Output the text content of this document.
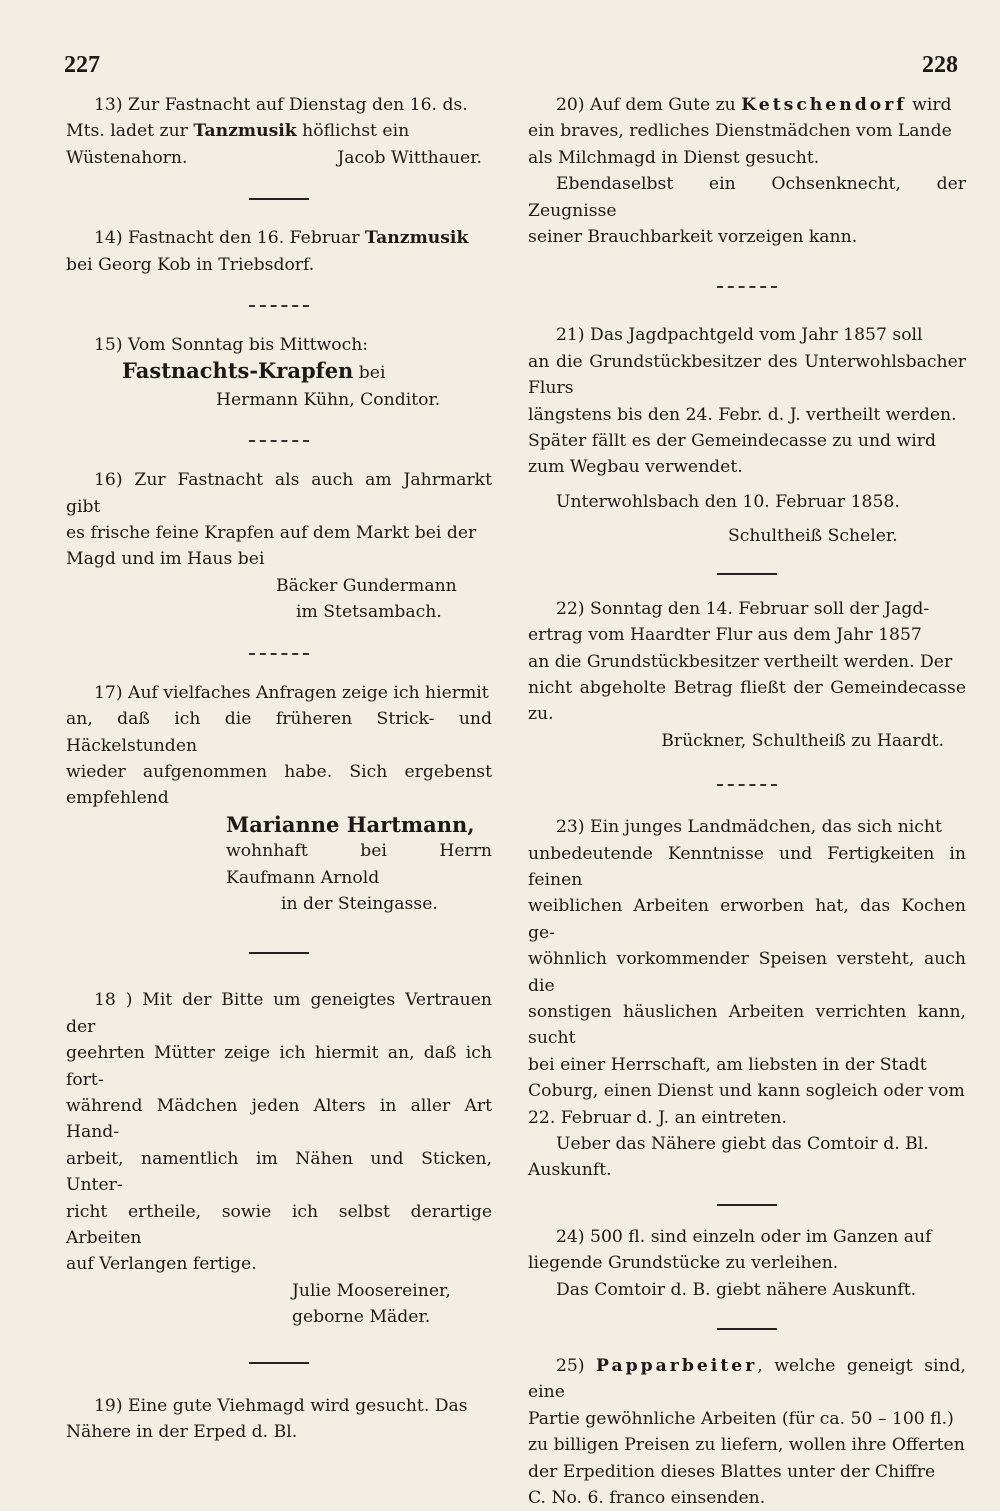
227	228

13) Zur Fastnacht auf Dienstag den 16. ds.

Mts. ladet zur Tanzmusik höflichst ein

Wüstenahorn.	Jacob Witthauer.

14) Fastnacht den 16. Februar Tanzmusik

bei Georg Kob in Triebsdorf.

15) Vom Sonntag bis Mittwoch:

Fastnachts-Krapfen bei

Hermann Kühn, Conditor.

16) Zur Fastnacht als auch am Jahrmarkt gibt

es frische feine Krapfen auf dem Markt bei der

Magd und im Haus bei

Bäcker Gundermann

im Stetsambach.

17) Auf vielfaches Anfragen zeige ich hiermit

an, daß ich die früheren Strick- und Häckelstunden

wieder aufgenommen habe. Sich ergebenst empfehlend

Marianne Hartmann,

wohnhaft bei Herrn Kaufmann Arnold

in der Steingasse.

18 ) Mit der Bitte um geneigtes Vertrauen der

geehrten Mütter zeige ich hiermit an, daß ich fort-

während Mädchen jeden Alters in aller Art Hand-

arbeit, namentlich im Nähen und Sticken, Unter-

richt ertheile, sowie ich selbst derartige Arbeiten

auf Verlangen fertige.

Julie Moosereiner,

geborne Mäder.

19) Eine gute Viehmagd wird gesucht. Das

Nähere in der Erped d. Bl.

20) Auf dem Gute zu Ketschendorf wird

ein braves, redliches Dienstmädchen vom Lande

als Milchmagd in Dienst gesucht.

Ebendaselbst ein Ochsenknecht, der Zeugnisse

seiner Brauchbarkeit vorzeigen kann.

21) Das Jagdpachtgeld vom Jahr 1857 soll

an die Grundstückbesitzer des Unterwohlsbacher Flurs

längstens bis den 24. Febr. d. J. vertheilt werden.

Später fällt es der Gemeindecasse zu und wird

zum Wegbau verwendet.

Unterwohlsbach den 10. Februar 1858.

Schultheiß Scheler.

22) Sonntag den 14. Februar soll der Jagd-

ertrag vom Haardter Flur aus dem Jahr 1857

an die Grundstückbesitzer vertheilt werden. Der

nicht abgeholte Betrag fließt der Gemeindecasse zu.

Brückner, Schultheiß zu Haardt.

23) Ein junges Landmädchen, das sich nicht

unbedeutende Kenntnisse und Fertigkeiten in feinen

weiblichen Arbeiten erworben hat, das Kochen ge-

wöhnlich vorkommender Speisen versteht, auch die

sonstigen häuslichen Arbeiten verrichten kann, sucht

bei einer Herrschaft, am liebsten in der Stadt

Coburg, einen Dienst und kann sogleich oder vom

22. Februar d. J. an eintreten.

Ueber das Nähere giebt das Comtoir d. Bl.

Auskunft.

24) 500 fl. sind einzeln oder im Ganzen auf

liegende Grundstücke zu verleihen.

Das Comtoir d. B. giebt nähere Auskunft.

25) Papparbeiter, welche geneigt sind, eine

Partie gewöhnliche Arbeiten (für ca. 50 – 100 fl.)

zu billigen Preisen zu liefern, wollen ihre Offerten

der Erpedition dieses Blattes unter der Chiffre

C. No. 6. franco einsenden.
